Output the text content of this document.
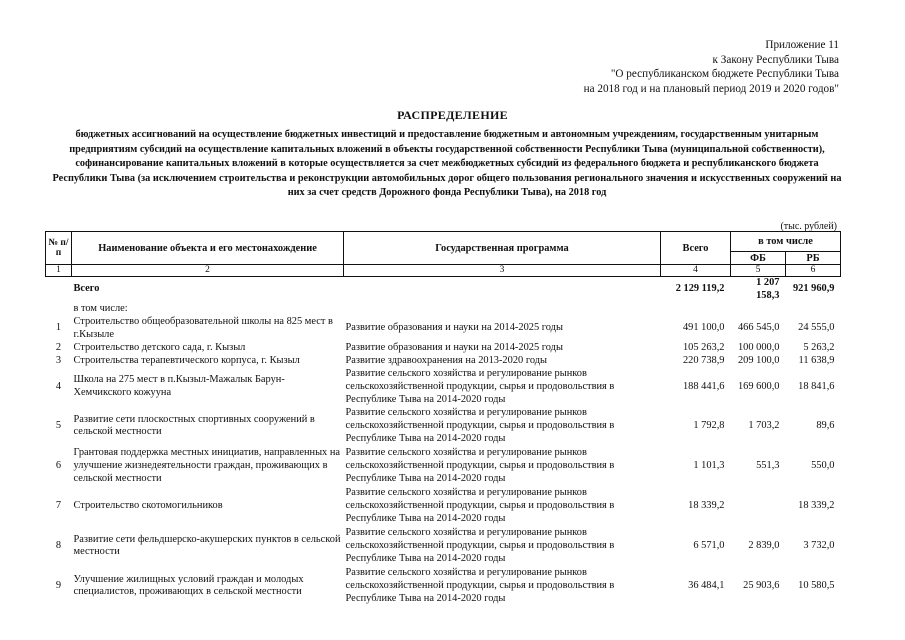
Приложение 11
к Закону Республики Тыва
"О республиканском бюджете Республики Тыва
на 2018 год и на плановый период 2019 и 2020 годов"
РАСПРЕДЕЛЕНИЕ
бюджетных ассигнований на осуществление бюджетных инвестиций и предоставление бюджетным и автономным учреждениям, государственным унитарным предприятиям субсидий на осуществление капитальных вложений в объекты государственной собственности Республики Тыва (муниципальной собственности), софинансирование капитальных вложений в которые осуществляется за счет межбюджетных субсидий из федерального бюджета и республиканского бюджета Республики Тыва (за исключением строительства и реконструкции автомобильных дорог общего пользования регионального значения и искусственных сооружений на них за счет средств Дорожного фонда Республики Тыва), на 2018 год
(тыс. рублей)
№ п/п	Наименование объекта и его местонахождение	Государственная программа	Всего	в том числе	
				ФБ	РБ
1	2	3	4	5	6
	Всего		2 129 119,2	1 207 158,3	921 960,9
	в том числе:				
1	Строительство общеобразовательной школы на 825 мест в г.Кызыле	Развитие образования и науки на 2014-2025 годы	491 100,0	466 545,0	24 555,0
2	Строительство детского сада, г. Кызыл	Развитие образования и науки на 2014-2025 годы	105 263,2	100 000,0	5 263,2
3	Строительства терапевтического корпуса, г. Кызыл	Развитие здравоохранения на 2013-2020 годы	220 738,9	209 100,0	11 638,9
4	Школа на 275 мест в п.Кызыл-Мажалык Барун-Хемчикского кожууна	Развитие сельского хозяйства и регулирование рынков сельскохозяйственной продукции, сырья и продовольствия в Республике Тыва на 2014-2020 годы	188 441,6	169 600,0	18 841,6
5	Развитие сети плоскостных спортивных сооружений в сельской местности	Развитие сельского хозяйства и регулирование рынков сельскохозяйственной продукции, сырья и продовольствия в Республике Тыва на 2014-2020 годы	1 792,8	1 703,2	89,6
6	Грантовая поддержка местных инициатив, направленных на улучшение жизнедеятельности граждан, проживающих в сельской местности	Развитие сельского хозяйства и регулирование рынков сельскохозяйственной продукции, сырья и продовольствия в Республике Тыва на 2014-2020 годы	1 101,3	551,3	550,0
7	Строительство скотомогильников	Развитие сельского хозяйства и регулирование рынков сельскохозяйственной продукции, сырья и продовольствия в Республике Тыва на 2014-2020 годы	18 339,2		18 339,2
8	Развитие сети фельдшерско-акушерских пунктов в сельской местности	Развитие сельского хозяйства и регулирование рынков сельскохозяйственной продукции, сырья и продовольствия в Республике Тыва на 2014-2020 годы	6 571,0	2 839,0	3 732,0
9	Улучшение жилищных условий граждан и молодых специалистов, проживающих в сельской местности	Развитие сельского хозяйства и регулирование рынков сельскохозяйственной продукции, сырья и продовольствия в Республике Тыва на 2014-2020 годы	36 484,1	25 903,6	10 580,5
